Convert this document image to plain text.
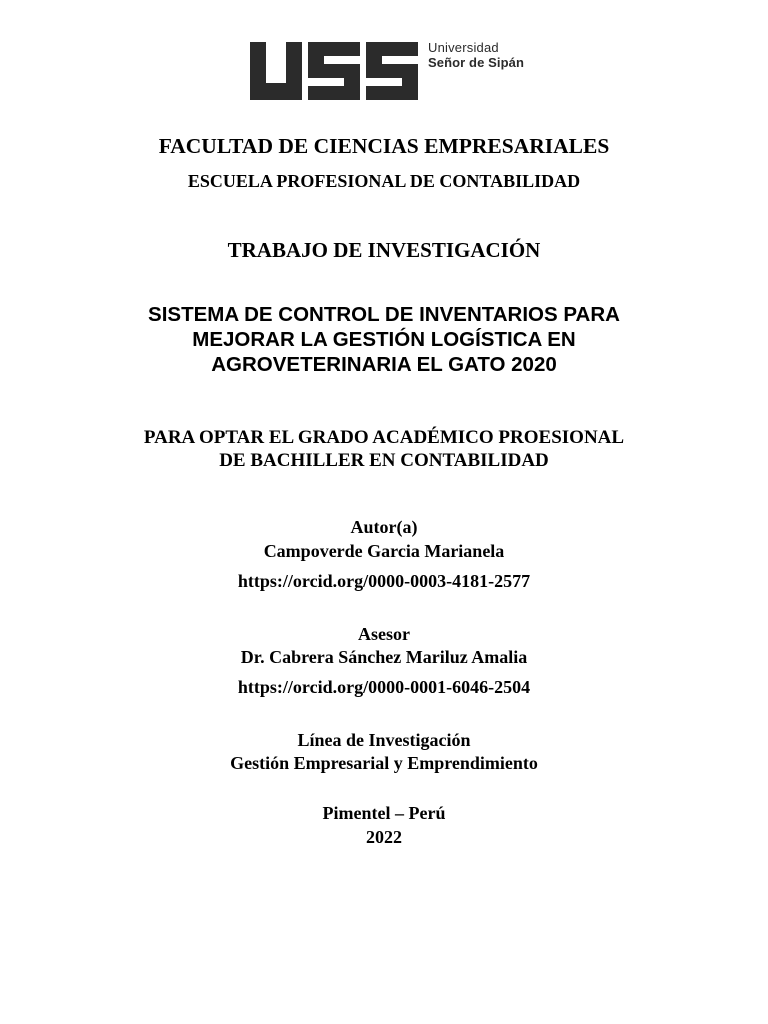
Universidad
Señor de Sipán
FACULTAD DE CIENCIAS EMPRESARIALES
ESCUELA PROFESIONAL DE CONTABILIDAD
TRABAJO DE INVESTIGACIÓN
SISTEMA DE CONTROL DE INVENTARIOS PARA
MEJORAR LA GESTIÓN LOGÍSTICA EN
AGROVETERINARIA EL GATO 2020
PARA OPTAR EL GRADO ACADÉMICO PROESIONAL
DE BACHILLER EN CONTABILIDAD
Autor(a)
Campoverde Garcia Marianela
https://orcid.org/0000-0003-4181-2577
Asesor
Dr. Cabrera Sánchez Mariluz Amalia
https://orcid.org/0000-0001-6046-2504
Línea de Investigación
Gestión Empresarial y Emprendimiento
Pimentel – Perú
2022
